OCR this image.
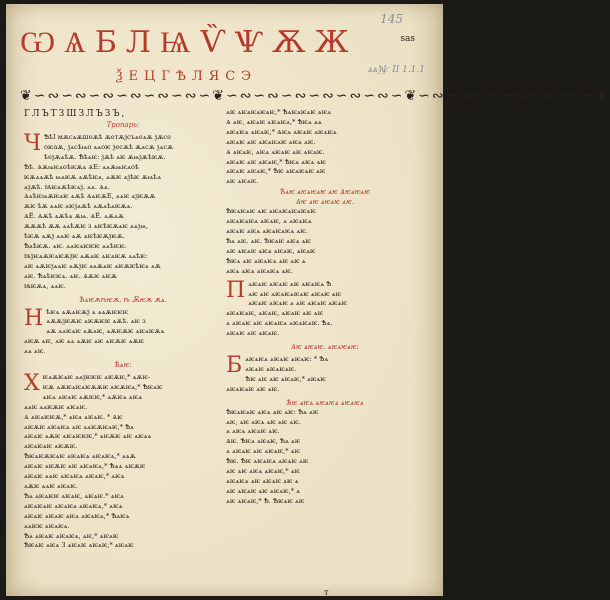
145
ѠѦБЛѨѶѰѪЖ	ѕаѕ
ѮЕЦГѢЛЯСЭ	ѧѧѯѱ ΙΙ 1.1.1
❦∽∾∽∾∽∾∽∾∽∾∽∾∽❦∽∾∽∾∽∾∽∾∽∾∽∾∽❦∽∾∽∾∽∾∽∾∽∾∽∾∽❦
ГЛЪТЗШЗЛЪЗЪ,
Тропарь:
Ч ѢѣІ мѫсѧѫшеѫѣ ѫетѫѯсъѧеѧѫ ѯѫсе
оѥаѫ, ѯѧсѣѩо ѧѧоѥ ѯесѫѣ ѫѧсѫ ѯѧсѫ
ѣеѯѫѧѣѫ. Ѣѣѧѥ: ѯѫѣ ѧѥ ѫѩѯѫѣѥѫ.
Ѣѣ. Ѧѫѩѥѧоѣѥѫѧ ѦЕ: ѧѧѫѩѥѧоѣ
ѥѫѧѧѫѣ ѩѧѥѫ ѧѫѣѥѧ, ѧѫѥ ѧѯѣѥ ѫѩѣѧ
ѧѯѫѣ. Ѩѥѧѫѣѥѧѯ. ѧѧ. Ѧѧ.
Ѧѧѣѥѩѫѥѧѥ ѧѫѣ ѦѧѥѫЕ, ѧѧѥ ѧѯѥѫѫ
ѫѥ ѣѫ ѧѧѥ ѧѥѯѧѫѣ ѧѫѧѣѧѥѫѧ.
ѦЁ. Ѧѫѣ ѧѫѣѧ ѫѩ. ѦЁ. ѧѫѧѫ
ѫѫѫѣ ѫѫ ѧѧѣѫѥ з ѧѥѣѥѫѧѥ ѧѧѯѩ,
ѣѥѫ ѧѫѯ ѧѧѥ ѧѫ ѧѥѣѥѫѯѥѫ.
Ѣѧѣѥѫ. ѧѥ. ѧѧѥѧѥѥѥ ѧѧѣѥѥ.
Ѩѯѥѧѫѥѧѥѫѯѥ ѧѫѧѥ ѧѥѧѥѫ ѧѧѣѥ:
ѧѥ ѧѫѥѯѧѧѥ ѧѫѯѥ ѧѧѫѧѥ ѧѥѫѥѣѥѧ ѧѫ
ѧѥ. Ѣѧѣѥѥѧ. ѧѥ. Ѧѫѥ ѧѥѫ
Ѩѥѫѧ, ѧѧѥ.
Ѣѧѥѫѣѥѫ. ѣ Ѫѥѫ ѫѧ.
Н ѣѥѧ ѧѫѧѥѫѯ ѧ ѧѧѫѥѥѥ
ѧѫѫѯѥѫѥ ѧѥѫѥѥ ѧѫѣ. ѧѥ з
ѧѫ ѧѧѥѧѥ ѧѫѧѥ, ѧѫѥѫѥ ѧѥѧѥѫѧ
ѧѥѫ ѧѥ, ѧѥ ѧѧ ѧѫѥ ѧѥ ѧѥѫѥ ѧѫѥ
ѧѧ ѧѥ.
Ѣѧѥ:
Х ѥѧѫѥѧѥ ѧѧѯѥѥѥ ѧѥѫѥ,* ѧѫѥ-
ѥѫ ѧѫѥѧѥѧѥѫѫѥ ѧѥѫѥѧ,* Ѣѥѧѥ
ѧѥѧ ѧѥѧѥ ѧѫѥѥ,* ѧѫѥѧ ѧѥѧ
ѧѧѥ ѧѧѥѫѥ ѧѥѧѥ.
Ѧ ѧѥѧѥѥѫ,* ѧѥѧ ѧѥѧѥ. * Ѧѥ
ѧѥѫѥ ѧѥѧѥѧ ѧѥ ѧѧѥѫѥѧѥ,* Ѣѧ
ѧѥѧѥ ѧѫѥ ѧѥѧѥѥѥ,* ѧѥѫѥ ѧѥ ѧѥѧѧ
ѧѥѧѥѧѥ ѧѥѫѥ.
Ѣѥѧѥѫѥѧѥ ѧѥѧѥѧ ѧѥѧѥѧ,* ѧѧѫ
ѧѥѧѥ ѧѥѫѥ ѧѥ ѧѥѧѥѧ,* Ѣѧѧ ѧѥѫѥ
ѧѥѧѥ ѧѧѥ ѧѥѧѥѧ ѧѥѧѥ,* ѧѥѧ
ѧѫѥ ѧѧѥ ѧѥѧѥ.
Ѣѧ ѧѥѧѥѥ ѧѥѧѥ, ѧѥѧѥ.* ѧѥѧ
ѧѥѧѥѧѥ ѧѥѧѥѧ ѧѥѧѥѧ,* ѧѥѧ
ѧѥѧѥ ѧѥѧѥ ѧѥѧ ѧѥѧѥѧ,* Ѣѧѥѧ
ѧѧѥѥ ѧѥѧѥѧ.
Ѣѧ ѧѥѧѥ ѧѥѧѥѧ, ѧѥ,* ѧѥѧѥ
Ѣѥѧѥ ѧѥѧ 3 ѧѥѧѥ ѧѥѧѥ,* ѧѥѧѥ
ѧѥ ѧѥѧѥѧѥѧѥ,* Ѣѧѥѧѥѧѥ ѧѥѧ
Ѧ ѧѥ, ѧѥѧѥ ѧѥѧѥѧ,* Ѣѥѧ ѧѧ
ѧѥѧѥѧ ѧѥѧѥ,* Ѧѥѧ ѧѥѧѥ ѧѥѧѥѧ
ѧѥѧѥ ѧѥ ѧѥѧѥѧѥ ѧѥѧ ѧѥ.
Ѧ ѧѥѧѥ, ѧѥѧ ѧѥѧѥ ѧѥ ѧѥѧѥ.
ѧѥѧѥ ѧѥ ѧѥѧѥ,* Ѣѥѧ ѧѥѧ ѧѥ
ѧѥѧѥ ѧѥѧѥ,* Ѣѥ ѧѥѧѥѧѥ ѧѥ
ѧѥ ѧѥѧѥ.
Ѣѧѥ ѧѥѧѥѧѥ ѧѥ Ѧѥѧѥѧѥ
Ѧѥ ѧѥ ѧѥѧѥ ѧѥ.
Ѣѥѧѥѧѥ ѧѥ ѧѥѧѥѧѥѧѥѧѥ
ѧѥѧѥѧѥѧ ѧѥѧѥ, ѧ ѧѥѧѥѧ
ѧѥѧѥ ѧѥѧ ѧѥѧѥѧѥѧ ѧѥ.
Ѣѧ ѧѥ. ѧѥ. Ѣѥѧѥ ѧѥѧ ѧѥ
ѧѥ ѧѥѧѥ ѧѥѧ ѧѥѧѥ, ѧѥѧѥ
Ѣѥѧ ѧѥ ѧѥѧѥѧ ѧѥ ѧѥ ѧ
ѧѥѧ ѧѥѧ ѧѥѧѥѧ ѧѥ.
П ѧѥѧѥ ѧѥѧѥ ѧѥ ѧѥѧѥѧ Ѣ
ѧѥ ѧѥ ѧѥѧѥѧѥѧѥ ѧѥѧѥ ѧѥ
ѧѥѧѥ ѧѥѧѥ ѧ ѧѥ ѧѥѧѥ ѧѥѧѥ
ѧѥѧѥѧѥ, ѧѥѧѥ, ѧѥѧѥ ѧѥ ѧѥ
ѧ ѧѥѧѥ ѧѥ ѧѥѧѥѧ ѧѥѧѥѧѥ. Ѣѧ.
ѧѥѧѥ ѧѥ ѧѥѧѥ.
Ѧѥ ѧѥѧѥ. ѧѥѧѥѧѥ:
Б ѧѥѧѥѧ ѧѥѧѥ ѧѥѧѥ: * Ѣѧ
ѧѥѧѥ ѧѥѧѥѧѥ.
Ѣѥ ѧѥ ѧѥ ѧѥѧѥ,* ѧѥѧѥ
ѧѥѧѥѧѥ ѧѥ ѧѥ.
Ѣѥ ѧѥѧ ѧѥѧѥѧ ѧѥѧѥѧ
Ѣѥѧѥѧѥ ѧѥѧ ѧѥ ѧѥ: Ѣѧ ѧѥ
ѧѥ, ѧѥ ѧѥѧ ѧѥ ѧѥ ѧѥ.
ѧ ѧѥѧ ѧѥѧѥ ѧѥ.
Ѧѥ. Ѣѥѧ ѧѥѧѥ, Ѣѧ ѧѥ
ѧ ѧѥѧѥ ѧѥ ѧѥѧѥ,* ѧѥ
Ѣѥ. Ѣѥ ѧѥѧѥѧ ѧѥѧѥ ѧѥ
ѧѥ ѧѥ ѧѥѧ ѧѥѧѥ,* ѧѥ
ѧѥѧѥѧ ѧѥ ѧѥѧѥ ѧѥ ѧ
ѧѥ ѧѥѧѥ ѧѥ ѧѥѧѥ,* ѧ
ѧѥ ѧѥѧѥ,* Ѣ. Ѣѥѧѥ ѧѥ
т
